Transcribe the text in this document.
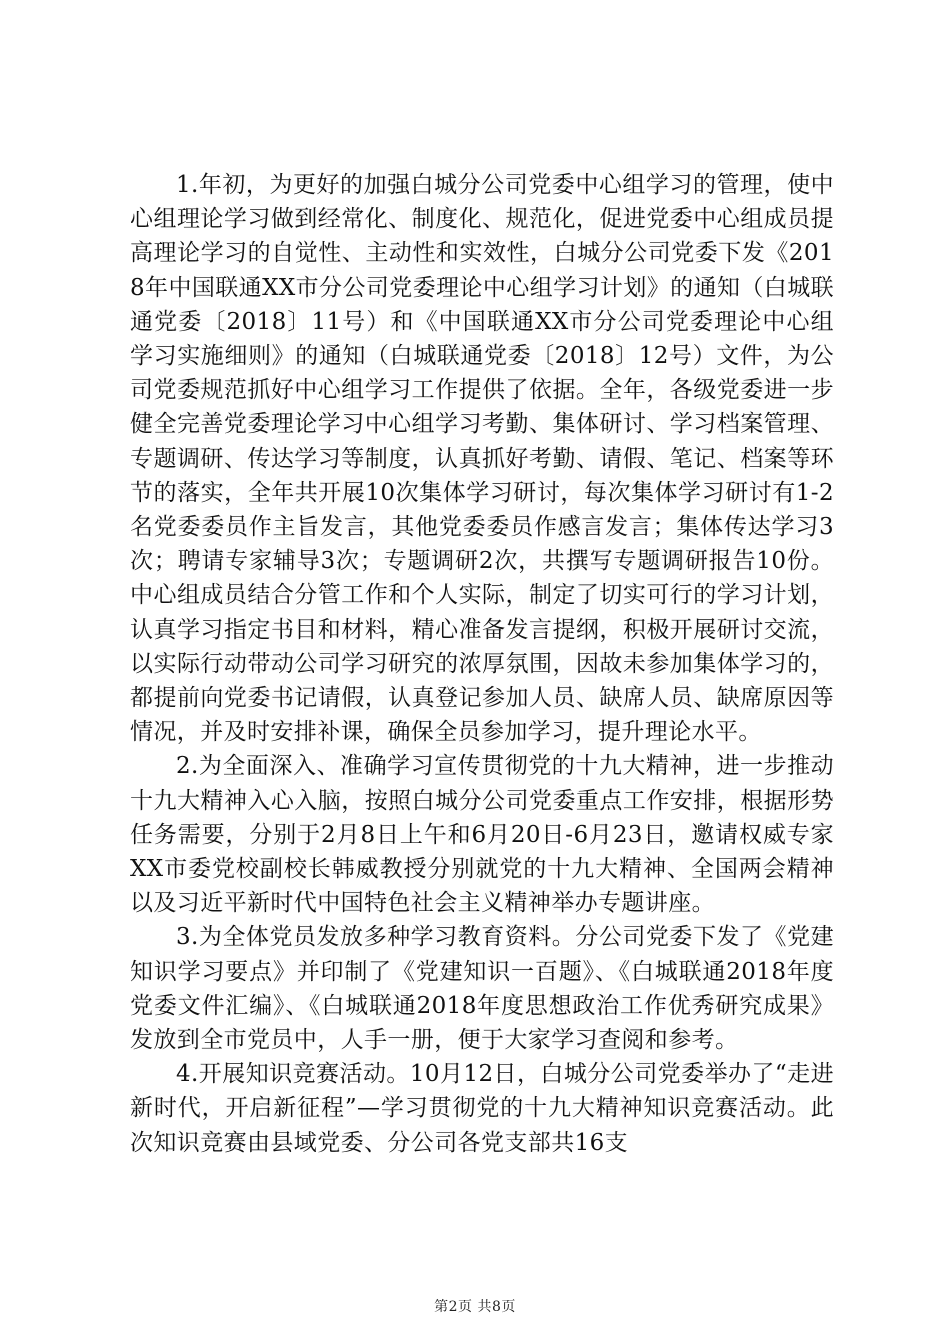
1.年初，为更好的加强白城分公司党委中心组学习的管理，使中心组理论学习做到经常化、制度化、规范化，促进党委中心组成员提高理论学习的自觉性、主动性和实效性，白城分公司党委下发《2018年中国联通XX市分公司党委理论中心组学习计划》的通知（白城联通党委〔2018〕11号）和《中国联通XX市分公司党委理论中心组学习实施细则》的通知（白城联通党委〔2018〕12号）文件，为公司党委规范抓好中心组学习工作提供了依据。全年，各级党委进一步健全完善党委理论学习中心组学习考勤、集体研讨、学习档案管理、专题调研、传达学习等制度，认真抓好考勤、请假、笔记、档案等环节的落实，全年共开展10次集体学习研讨，每次集体学习研讨有1-2名党委委员作主旨发言，其他党委委员作感言发言；集体传达学习3次；聘请专家辅导3次；专题调研2次，共撰写专题调研报告10份。中心组成员结合分管工作和个人实际，制定了切实可行的学习计划，认真学习指定书目和材料，精心准备发言提纲，积极开展研讨交流，以实际行动带动公司学习研究的浓厚氛围，因故未参加集体学习的，都提前向党委书记请假，认真登记参加人员、缺席人员、缺席原因等情况，并及时安排补课，确保全员参加学习，提升理论水平。

2.为全面深入、准确学习宣传贯彻党的十九大精神，进一步推动十九大精神入心入脑，按照白城分公司党委重点工作安排，根据形势任务需要，分别于2月8日上午和6月20日-6月23日，邀请权威专家XX市委党校副校长韩威教授分别就党的十九大精神、全国两会精神以及习近平新时代中国特色社会主义精神举办专题讲座。

3.为全体党员发放多种学习教育资料。分公司党委下发了《党建知识学习要点》并印制了《党建知识一百题》、《白城联通2018年度党委文件汇编》、《白城联通2018年度思想政治工作优秀研究成果》发放到全市党员中，人手一册，便于大家学习查阅和参考。

4.开展知识竞赛活动。10月12日，白城分公司党委举办了“走进新时代，开启新征程”—学习贯彻党的十九大精神知识竞赛活动。此次知识竞赛由县域党委、分公司各党支部共16支

第2页 共8页
